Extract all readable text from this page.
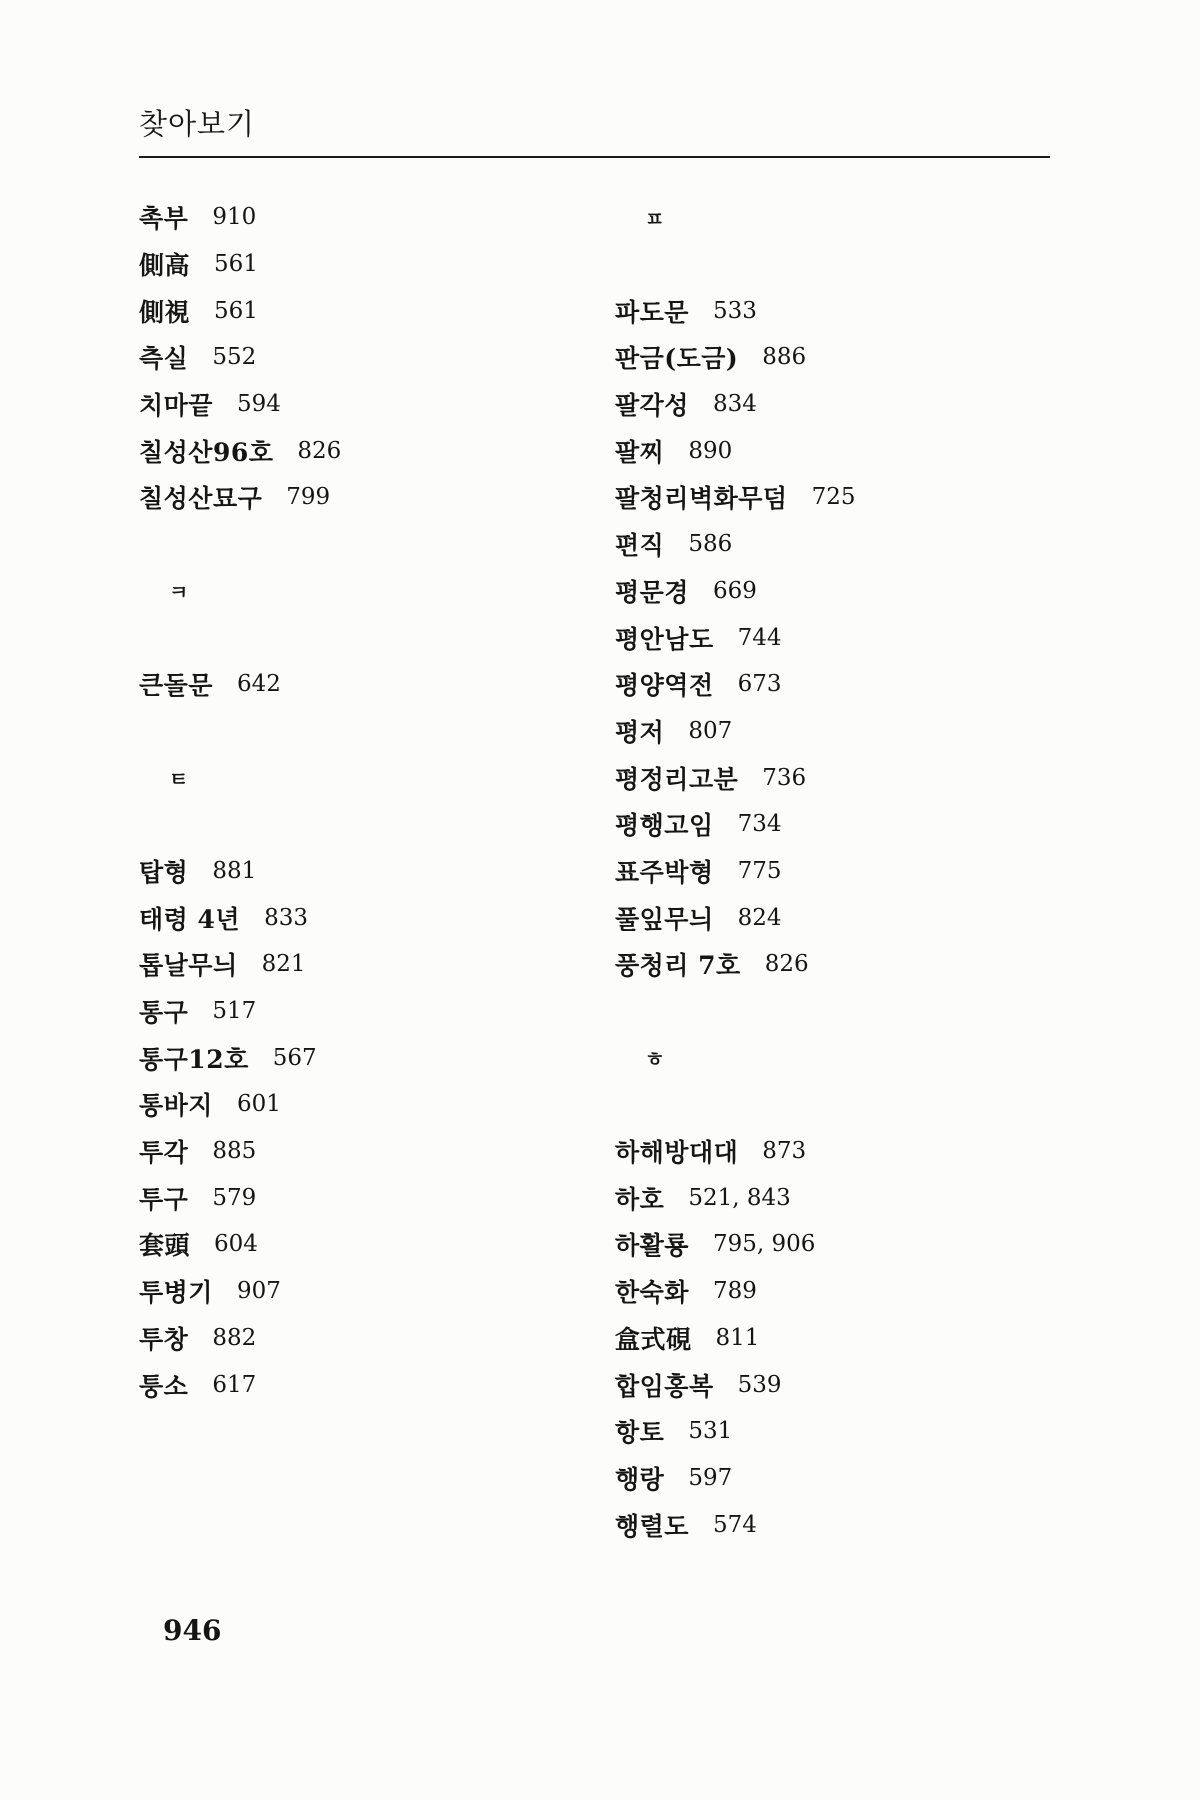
찾아보기
촉부 910
側高 561
側視 561
측실 552
치마끝 594
칠성산96호 826
칠성산묘구 799
ㅋ
큰돌문 642
ㅌ
탑형 881
태령 4년 833
톱날무늬 821
통구 517
통구12호 567
통바지 601
투각 885
투구 579
套頭 604
투병기 907
투창 882
퉁소 617
ㅍ
파도문 533
판금(도금) 886
팔각성 834
팔찌 890
팔청리벽화무덤 725
편직 586
평문경 669
평안남도 744
평양역전 673
평저 807
평정리고분 736
평행고임 734
표주박형 775
풀잎무늬 824
풍청리 7호 826
ㅎ
하해방대대 873
하호 521, 843
하활룡 795, 906
한숙화 789
盒式硯 811
합임홍복 539
항토 531
행랑 597
행렬도 574
946
